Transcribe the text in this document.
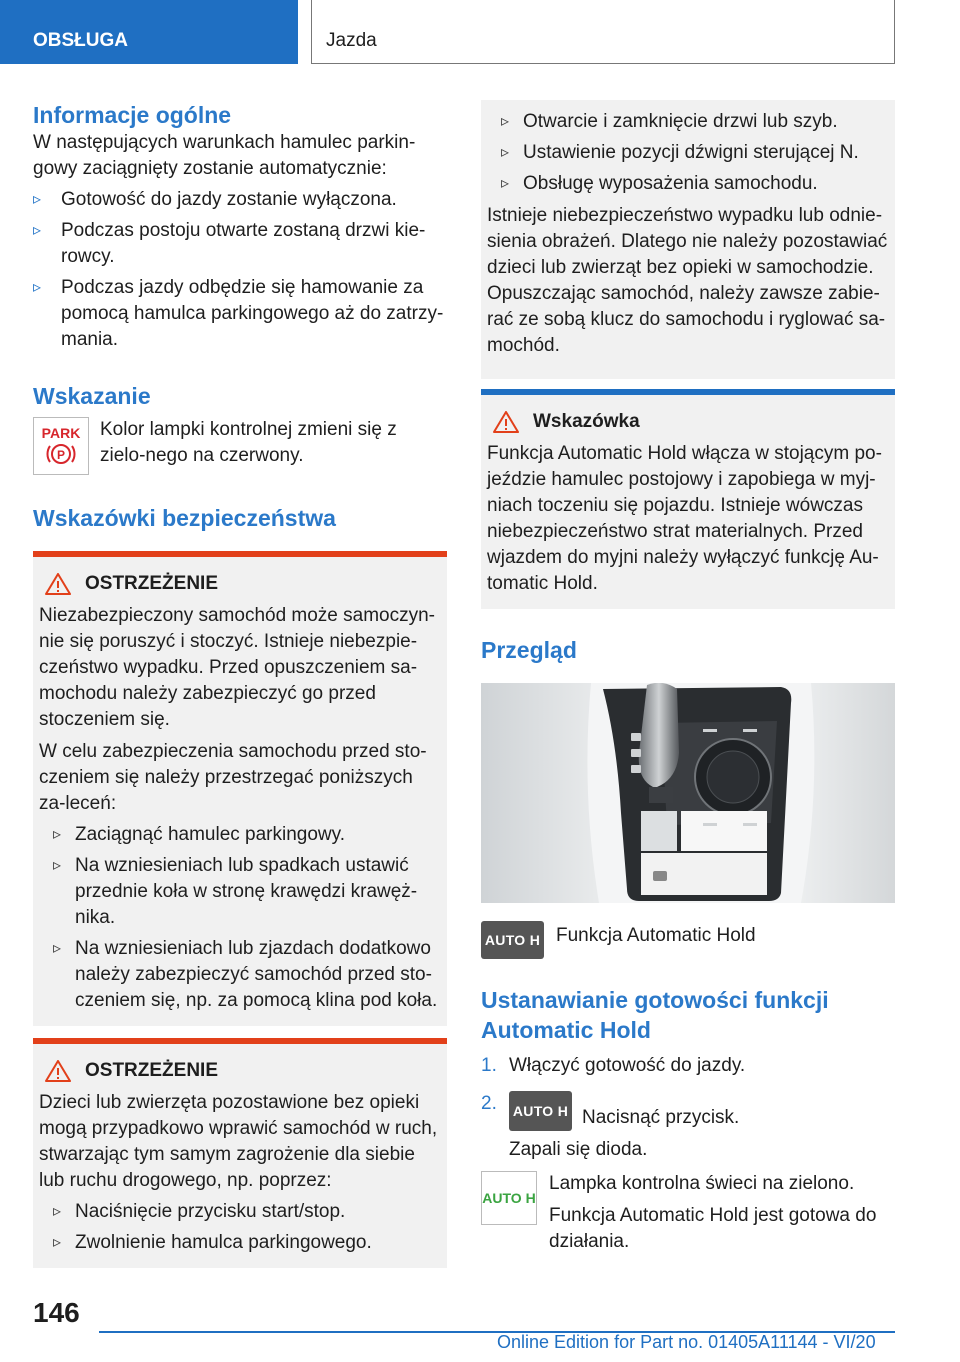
OBSŁUGA	Jazda
Informacje ogólne

W następujących warunkach hamulec parkin-gowy zaciągnięty zostanie automatycznie:

▹ Gotowość do jazdy zostanie wyłączona.
▹ Podczas postoju otwarte zostaną drzwi kie-rowcy.
▹ Podczas jazdy odbędzie się hamowanie za pomocą hamulca parkingowego aż do zatrzy-mania.
Wskazanie
PARK
P

Kolor lampki kontrolnej zmieni się z zielo-nego na czerwony.

Wskazówki bezpieczeństwa
OSTRZEŻENIE

Niezabezpieczony samochód może samoczyn-nie się poruszyć i stoczyć. Istnieje niebezpie-czeństwo wypadku. Przed opuszczeniem sa-mochodu należy zabezpieczyć go przed stoczeniem się.

W celu zabezpieczenia samochodu przed sto-czeniem się należy przestrzegać poniższych za-leceń:

▹ Zaciągnąć hamulec parkingowy.
▹ Na wzniesieniach lub spadkach ustawić przednie koła w stronę krawędzi krawęż-nika.
▹ Na wzniesieniach lub zjazdach dodatkowo należy zabezpieczyć samochód przed sto-czeniem się, np. za pomocą klina pod koła.
OSTRZEŻENIE

Dzieci lub zwierzęta pozostawione bez opieki mogą przypadkowo wprawić samochód w ruch, stwarzając tym samym zagrożenie dla siebie lub ruchu drogowego, np. poprzez:

▹ Naciśnięcie przycisku start/stop.
▹ Zwolnienie hamulca parkingowego.
▹ Otwarcie i zamknięcie drzwi lub szyb.
▹ Ustawienie pozycji dźwigni sterującej N.
▹ Obsługę wyposażenia samochodu.

Istnieje niebezpieczeństwo wypadku lub odnie-sienia obrażeń. Dlatego nie należy pozostawiać dzieci lub zwierząt bez opieki w samochodzie. Opuszczając samochód, należy zawsze zabie-rać ze sobą klucz do samochodu i ryglować sa-mochód.

Wskazówka

Funkcja Automatic Hold włącza w stojącym po-jeździe hamulec postojowy i zapobiega w myj-niach toczeniu się pojazdu. Istnieje wówczas niebezpieczeństwo strat materialnych. Przed wjazdem do myjni należy wyłączyć funkcję Au-tomatic Hold.

Przegląd
AUTO H Funkcja Automatic Hold

Ustanawianie gotowości funkcji Automatic Hold
1. Włączyć gotowość do jazdy.
2. AUTO H Nacisnąć przycisk.

Zapali się dioda.

AUTO H

Lampka kontrolna świeci na zielono.

Funkcja Automatic Hold jest gotowa do działania.

146
Online Edition for Part no. 01405A11144 - VI/20
